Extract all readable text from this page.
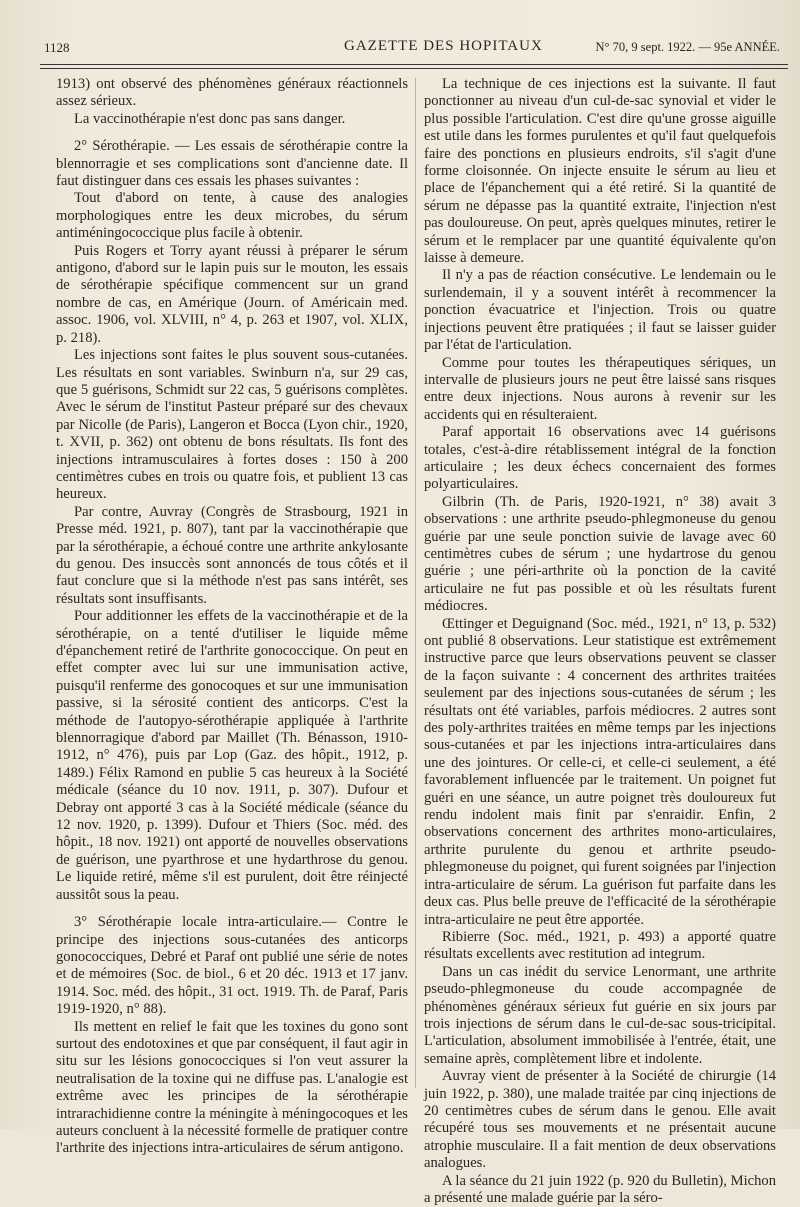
1128	GAZETTE DES HOPITAUX	N° 70, 9 sept. 1922. — 95e ANNÉE.

1913) ont observé des phénomènes généraux réactionnels assez sérieux.

La vaccinothérapie n'est donc pas sans danger.

2° Sérothérapie. — Les essais de sérothérapie contre la blennorragie et ses complications sont d'ancienne date. Il faut distinguer dans ces essais les phases suivantes :

Tout d'abord on tente, à cause des analogies morphologiques entre les deux microbes, du sérum antiméningococcique plus facile à obtenir.

Puis Rogers et Torry ayant réussi à préparer le sérum antigono, d'abord sur le lapin puis sur le mouton, les essais de sérothérapie spécifique commencent sur un grand nombre de cas, en Amérique (Journ. of Américain med. assoc. 1906, vol. XLVIII, n° 4, p. 263 et 1907, vol. XLIX, p. 218).

Les injections sont faites le plus souvent sous-cutanées. Les résultats en sont variables. Swinburn n'a, sur 29 cas, que 5 guérisons, Schmidt sur 22 cas, 5 guérisons complètes. Avec le sérum de l'institut Pasteur préparé sur des chevaux par Nicolle (de Paris), Langeron et Bocca (Lyon chir., 1920, t. XVII, p. 362) ont obtenu de bons résultats. Ils font des injections intramusculaires à fortes doses : 150 à 200 centimètres cubes en trois ou quatre fois, et publient 13 cas heureux.

Par contre, Auvray (Congrès de Strasbourg, 1921 in Presse méd. 1921, p. 807), tant par la vaccinothérapie que par la sérothérapie, a échoué contre une arthrite ankylosante du genou. Des insuccès sont annoncés de tous côtés et il faut conclure que si la méthode n'est pas sans intérêt, ses résultats sont insuffisants.

Pour additionner les effets de la vaccinothérapie et de la sérothérapie, on a tenté d'utiliser le liquide même d'épanchement retiré de l'arthrite gonococcique. On peut en effet compter avec lui sur une immunisation active, puisqu'il renferme des gonocoques et sur une immunisation passive, si la sérosité contient des anticorps. C'est la méthode de l'autopyo-sérothérapie appliquée à l'arthrite blennorragique d'abord par Maillet (Th. Bénasson, 1910-1912, n° 476), puis par Lop (Gaz. des hôpit., 1912, p. 1489.) Félix Ramond en publie 5 cas heureux à la Société médicale (séance du 10 nov. 1911, p. 307). Dufour et Debray ont apporté 3 cas à la Société médicale (séance du 12 nov. 1920, p. 1399). Dufour et Thiers (Soc. méd. des hôpit., 18 nov. 1921) ont apporté de nouvelles observations de guérison, une pyarthrose et une hydarthrose du genou. Le liquide retiré, même s'il est purulent, doit être réinjecté aussitôt sous la peau.

3° Sérothérapie locale intra-articulaire.— Contre le principe des injections sous-cutanées des anticorps gonococciques, Debré et Paraf ont publié une série de notes et de mémoires (Soc. de biol., 6 et 20 déc. 1913 et 17 janv. 1914. Soc. méd. des hôpit., 31 oct. 1919. Th. de Paraf, Paris 1919-1920, n° 88).

Ils mettent en relief le fait que les toxines du gono sont surtout des endotoxines et que par conséquent, il faut agir in situ sur les lésions gonococciques si l'on veut assurer la neutralisation de la toxine qui ne diffuse pas. L'analogie est extrême avec les principes de la sérothérapie intrarachidienne contre la méningite à méningocoques et les auteurs concluent à la nécessité formelle de pratiquer contre l'arthrite des injections intra-articulaires de sérum antigono.

La technique de ces injections est la suivante. Il faut ponctionner au niveau d'un cul-de-sac synovial et vider le plus possible l'articulation. C'est dire qu'une grosse aiguille est utile dans les formes purulentes et qu'il faut quelquefois faire des ponctions en plusieurs endroits, s'il s'agit d'une forme cloisonnée. On injecte ensuite le sérum au lieu et place de l'épanchement qui a été retiré. Si la quantité de sérum ne dépasse pas la quantité extraite, l'injection n'est pas douloureuse. On peut, après quelques minutes, retirer le sérum et le remplacer par une quantité équivalente qu'on laisse à demeure.

Il n'y a pas de réaction consécutive. Le lendemain ou le surlendemain, il y a souvent intérêt à recommencer la ponction évacuatrice et l'injection. Trois ou quatre injections peuvent être pratiquées ; il faut se laisser guider par l'état de l'articulation.

Comme pour toutes les thérapeutiques sériques, un intervalle de plusieurs jours ne peut être laissé sans risques entre deux injections. Nous aurons à revenir sur les accidents qui en résulteraient.

Paraf apportait 16 observations avec 14 guérisons totales, c'est-à-dire rétablissement intégral de la fonction articulaire ; les deux échecs concernaient des formes polyarticulaires.

Gilbrin (Th. de Paris, 1920-1921, n° 38) avait 3 observations : une arthrite pseudo-phlegmoneuse du genou guérie par une seule ponction suivie de lavage avec 60 centimètres cubes de sérum ; une hydartrose du genou guérie ; une péri-arthrite où la ponction de la cavité articulaire ne fut pas possible et où les résultats furent médiocres.

Œttinger et Deguignand (Soc. méd., 1921, n° 13, p. 532) ont publié 8 observations. Leur statistique est extrêmement instructive parce que leurs observations peuvent se classer de la façon suivante : 4 concernent des arthrites traitées seulement par des injections sous-cutanées de sérum ; les résultats ont été variables, parfois médiocres. 2 autres sont des poly-arthrites traitées en même temps par les injections sous-cutanées et par les injections intra-articulaires dans une des jointures. Or celle-ci, et celle-ci seulement, a été favorablement influencée par le traitement. Un poignet fut guéri en une séance, un autre poignet très douloureux fut rendu indolent mais finit par s'enraidir. Enfin, 2 observations concernent des arthrites mono-articulaires, arthrite purulente du genou et arthrite pseudo-phlegmoneuse du poignet, qui furent soignées par l'injection intra-articulaire de sérum. La guérison fut parfaite dans les deux cas. Plus belle preuve de l'efficacité de la sérothérapie intra-articulaire ne peut être apportée.

Ribierre (Soc. méd., 1921, p. 493) a apporté quatre résultats excellents avec restitution ad integrum.

Dans un cas inédit du service Lenormant, une arthrite pseudo-phlegmoneuse du coude accompagnée de phénomènes généraux sérieux fut guérie en six jours par trois injections de sérum dans le cul-de-sac sous-tricipital. L'articulation, absolument immobilisée à l'entrée, était, une semaine après, complètement libre et indolente.

Auvray vient de présenter à la Société de chirurgie (14 juin 1922, p. 380), une malade traitée par cinq injections de 20 centimètres cubes de sérum dans le genou. Elle avait récupéré tous ses mouvements et ne présentait aucune atrophie musculaire. Il a fait mention de deux observations analogues.

A la séance du 21 juin 1922 (p. 920 du Bulletin), Michon a présenté une malade guérie par la séro-
